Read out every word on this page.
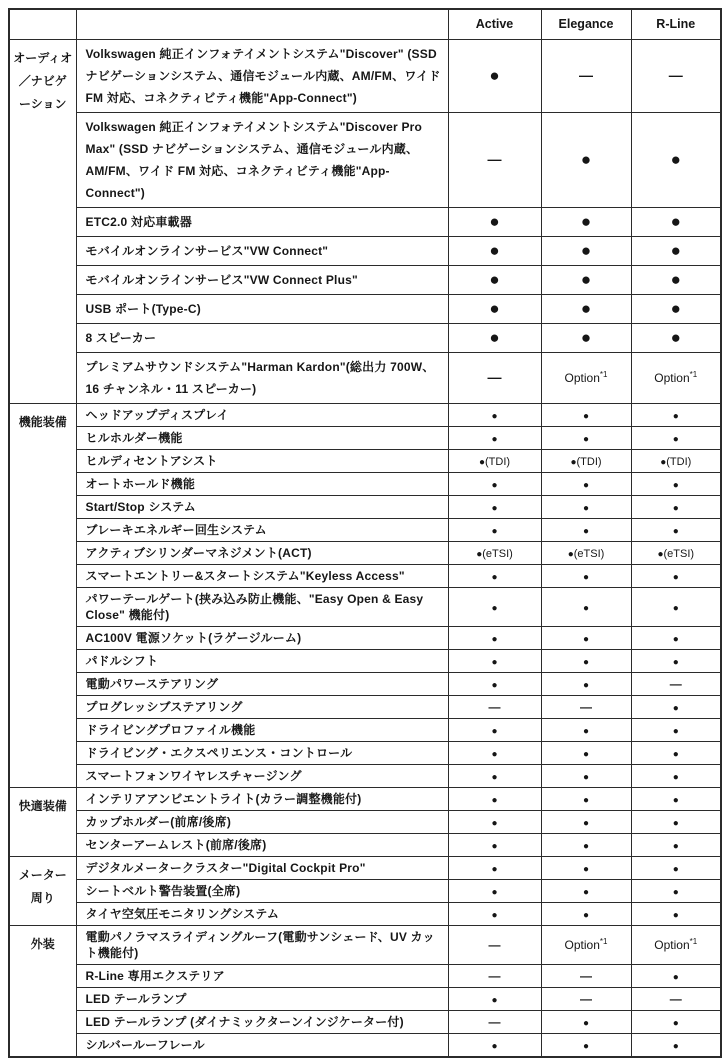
		Active	Elegance	R-Line

オーディオ
／ナビゲ
ーション	Volkswagen 純正インフォテイメントシステム"Discover" (SSD ナビゲーションシステム、通信モジュール内蔵、AM/FM、ワイド FM 対応、コネクティビティ機能"App-Connect")	●	—	—
	Volkswagen 純正インフォテイメントシステム"Discover Pro Max" (SSD ナビゲーションシステム、通信モジュール内蔵、AM/FM、ワイド FM 対応、コネクティビティ機能"App-Connect")	—	●	●
	ETC2.0 対応車載器	●	●	●
	モバイルオンラインサービス"VW Connect"	●	●	●
	モバイルオンラインサービス"VW Connect Plus"	●	●	●
	USB ポート(Type-C)	●	●	●
	8 スピーカー	●	●	●
	プレミアムサウンドシステム"Harman Kardon"(総出力 700W、16 チャンネル・11 スピーカー)	—	Option$^{*1}$	Option$^{*1}$

機能装備	ヘッドアップディスプレイ	●	●	●
	ヒルホルダー機能	●	●	●
	ヒルディセントアシスト	●(TDI)	●(TDI)	●(TDI)
	オートホールド機能	●	●	●
	Start/Stop システム	●	●	●
	ブレーキエネルギー回生システム	●	●	●
	アクティブシリンダーマネジメント(ACT)	●(eTSI)	●(eTSI)	●(eTSI)
	スマートエントリー&スタートシステム"Keyless Access"	●	●	●
	パワーテールゲート(挟み込み防止機能、"Easy Open & Easy Close" 機能付)	●	●	●
	AC100V 電源ソケット(ラゲージルーム)	●	●	●
	パドルシフト	●	●	●
	電動パワーステアリング	●	●	—
	プログレッシブステアリング	—	—	●
	ドライビングプロファイル機能	●	●	●
	ドライビング・エクスペリエンス・コントロール	●	●	●
	スマートフォンワイヤレスチャージング	●	●	●

快適装備	インテリアアンビエントライト(カラー調整機能付)	●	●	●
	カップホルダー(前席/後席)	●	●	●
	センターアームレスト(前席/後席)	●	●	●

メーター
周り	デジタルメータークラスター"Digital Cockpit Pro"	●	●	●
	シートベルト警告装置(全席)	●	●	●
	タイヤ空気圧モニタリングシステム	●	●	●

外装	電動パノラマスライディングルーフ(電動サンシェード、UV カット機能付)	—	Option$^{*1}$	Option$^{*1}$
	R-Line 専用エクステリア	—	—	●
	LED テールランプ	●	—	—
	LED テールランプ (ダイナミックターンインジケーター付)	—	●	●
	シルバールーフレール	●	●	●
